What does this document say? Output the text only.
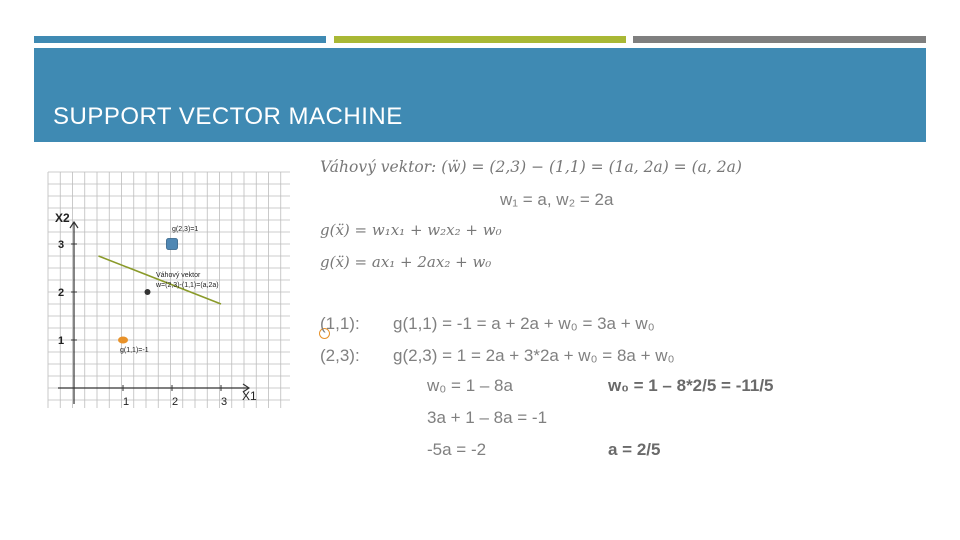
SUPPORT VECTOR MACHINE
1	2	3
1
2
3
X2
X1
g(2,3)=1
g(1,1)=-1
Váhový vektor
w=(2,3)-(1,1)=(a,2a)
Váhový vektor: (ẅ) = (2,3) − (1,1) = (1a, 2a) = (a, 2a)
w₁ = a, w₂ = 2a
g(ẍ) = w₁x₁ + w₂x₂ + w₀
g(ẍ) = ax₁ + 2ax₂ + w₀
(1,1): g(1,1) = -1 = a + 2a + w₀ = 3a + w₀
(2,3): g(2,3) = 1 = 2a + 3*2a + w₀ = 8a + w₀
w₀ = 1 – 8a	w₀ = 1 – 8*2/5 = -11/5
3a + 1 – 8a = -1
-5a = -2	a = 2/5
